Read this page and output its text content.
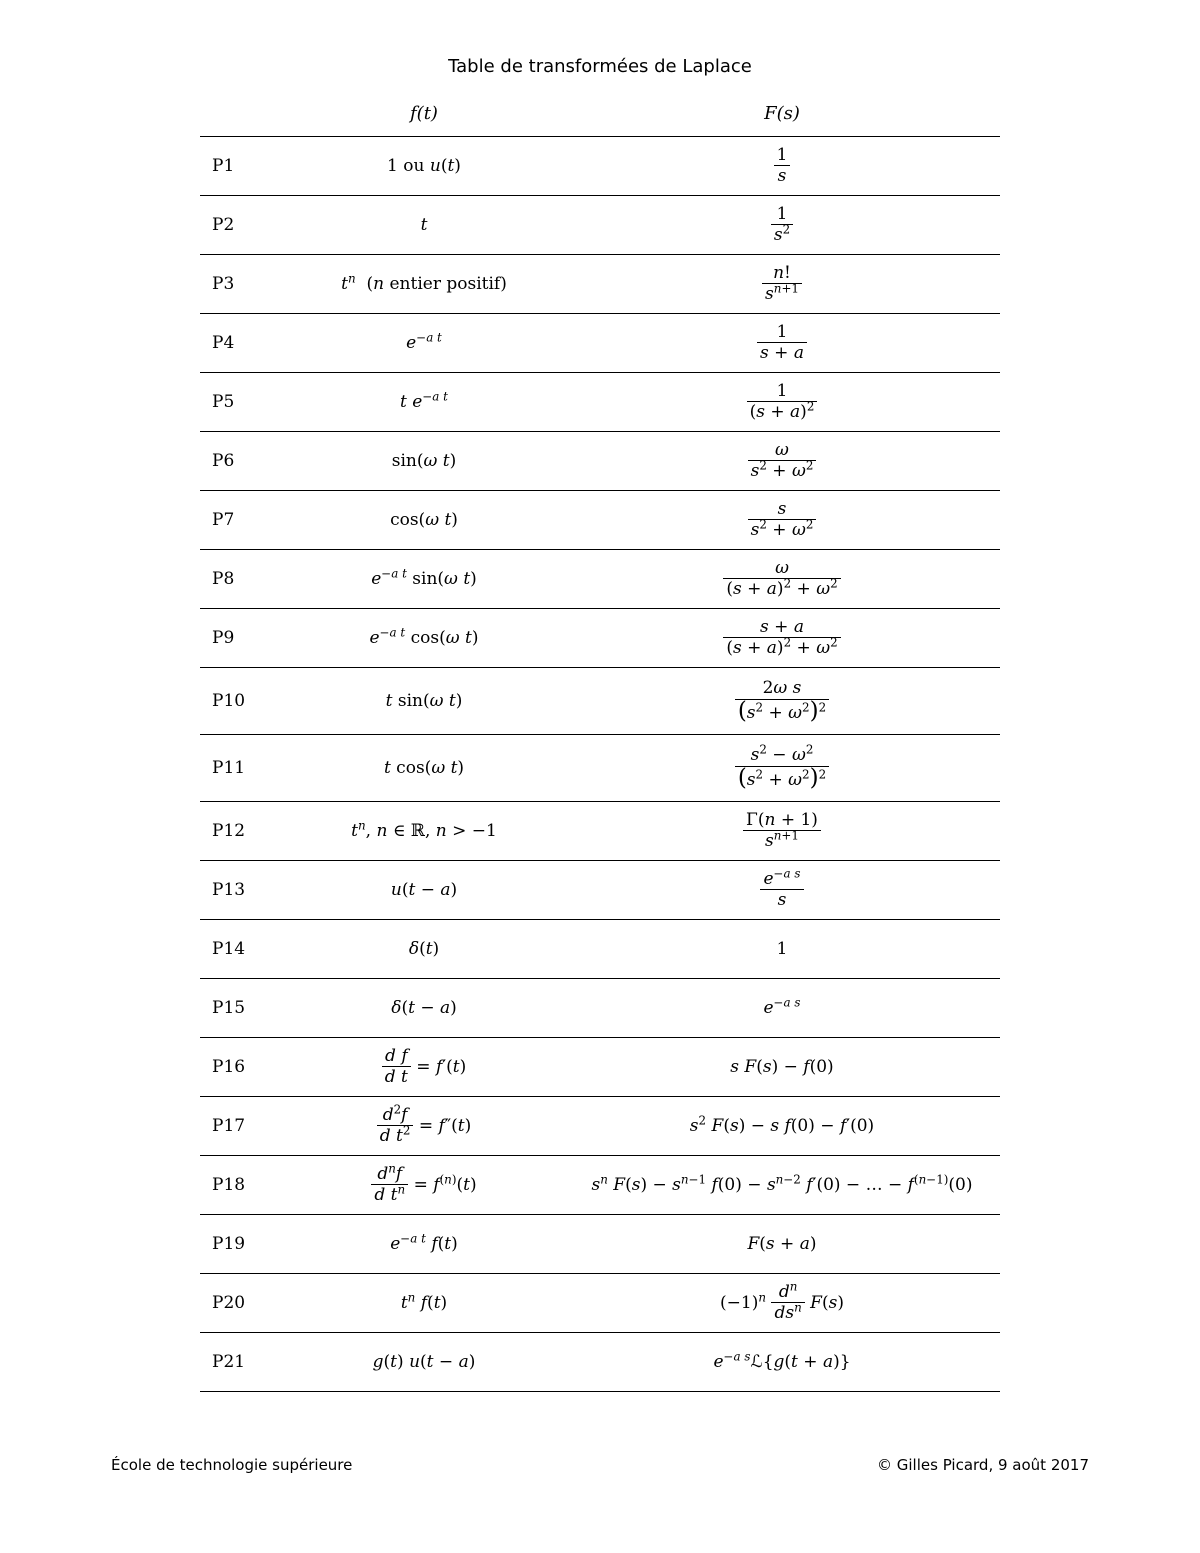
Table de transformées de Laplace
	f(t)	F(s)
P1	1 ou u(t)	$\frac{1}{s}$

P2	t	$\frac{1}{s^2}$

P3	$t^n$  (n entier positif)	$\frac{n!}{s^{n+1}}$

P4	$e^{-a t}$	$\frac{1}{s + a}$

P5	t $e^{-a t}$	$\frac{1}{(s + a)^2}$

P6	sin(ω t)	$\frac{\omega}{s^2 + \omega^2}$

P7	cos(ω t)	$\frac{s}{s^2 + \omega^2}$

P8	$e^{-a t}$ sin(ω t)	$\frac{\omega}{(s + a)^2 + \omega^2}$

P9	$e^{-a t}$ cos(ω t)	$\frac{s + a}{(s + a)^2 + \omega^2}$

P10	t sin(ω t)	$\frac{\text{2ω s}}{(s^2 + \omega^2)^2}$

P11	t cos(ω t)	$\frac{s^2 - \omega^2}{(s^2 + \omega^2)^2}$

P12	$t^n$, n ∈ ℝ, n > −1	$\frac{\Gamma(n + 1)}{s^{n+1}}$

P13	u(t − a)	$\frac{e^{-a s}}{s}$

P14	δ(t)	1
P15	δ(t − a)	$e^{-a s}$
P16	$\frac{\text{d f}}{\text{d t}} = f'(t)$	s F(s) − f(0)
P17	$\frac{d^2f}{d t^2} = f''(t)$	$s^2$ F(s) − s f(0) − f′(0)
P18	$\frac{d^nf}{d t^n} = f^{(n)}(t)$	$s^n$ $F(s) - s^{n-1}$ $f(0) - s^{n-2}$ f′(0) − … − $f^{(n-1)}(0)$
P19	$e^{-a t}$ f(t)	F(s + a)
P20	$t^n$ f(t)	$(-1)^n \frac{d^n}{ds^n} F(s)$
P21	g(t) u(t − a)	$e^{-a s}ℒ\{g(t + a)\}$
École de technologie supérieure	© Gilles Picard, 9 août 2017
